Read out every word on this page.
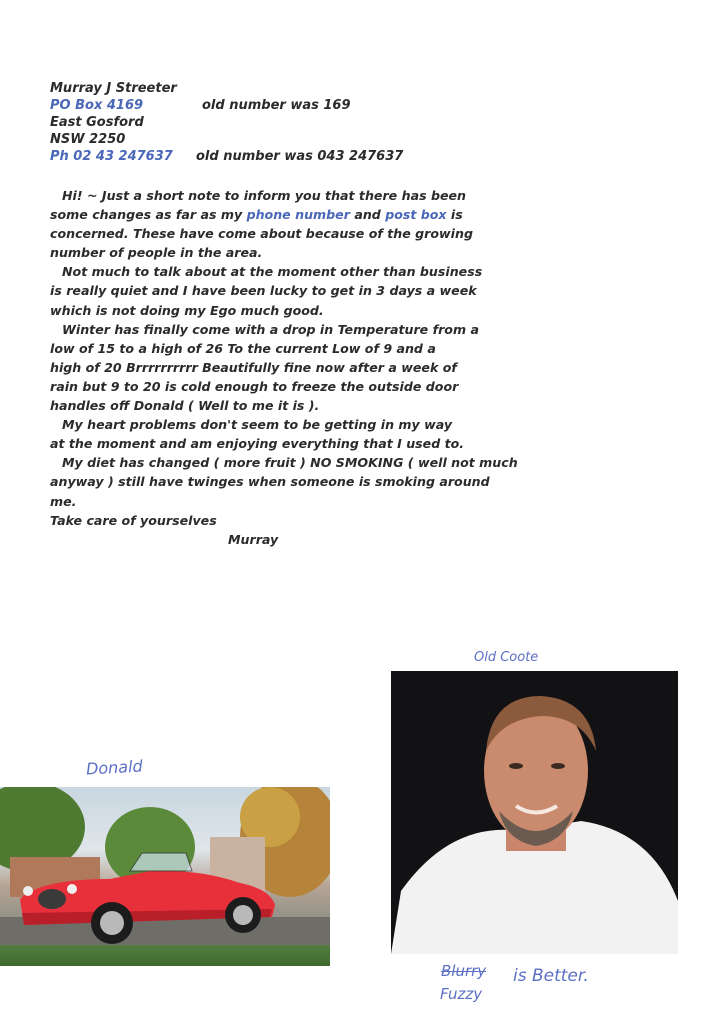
Murray J Streeter
PO Box 4169	old number was 169
East Gosford
NSW 2250
Ph 02 43 247637 old number was 043 247637

Hi! ~ Just a short note to inform you that there has been

some changes as far as my phone number and post box is

concerned. These have come about because of the growing

number of people in the area.

Not much to talk about at the moment other than business

is really quiet and I have been lucky to get in 3 days a week

which is not doing my Ego much good.

Winter has finally come with a drop in Temperature from a

low of 15 to a high of 26 To the current Low of 9 and a

high of 20 Brrrrrrrrrr Beautifully fine now after a week of

rain but 9 to 20 is cold enough to freeze the outside door

handles off Donald ( Well to me it is ).

My heart problems don't seem to be getting in my way

at the moment and am enjoying everything that I used to.

My diet has changed ( more fruit ) NO SMOKING ( well not much

anyway ) still have twinges when someone is smoking around

me.

Take care of yourselves

Murray

Donald
Old Coote
Blurry is Better.
Fuzzy
